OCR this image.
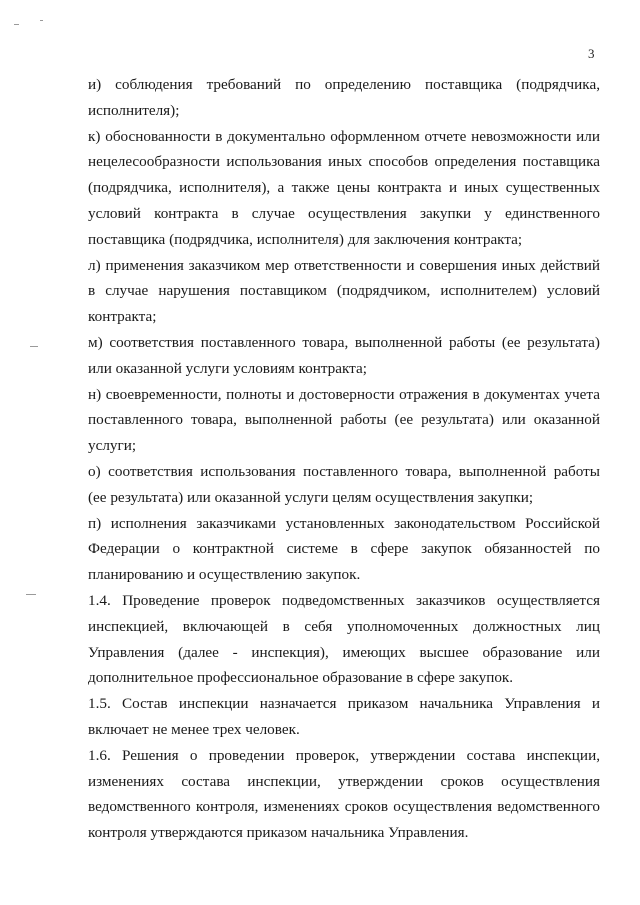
3

и) соблюдения требований по определению поставщика (подрядчика, исполнителя);

к) обоснованности в документально оформленном отчете невозможности или нецелесообразности использования иных способов определения поставщика (подрядчика, исполнителя), а также цены контракта и иных существенных условий контракта в случае осуществления закупки у единственного поставщика (подрядчика, исполнителя) для заключения контракта;

л) применения заказчиком мер ответственности и совершения иных действий в случае нарушения поставщиком (подрядчиком, исполнителем) условий контракта;

м) соответствия поставленного товара, выполненной работы (ее результата) или оказанной услуги условиям контракта;

н) своевременности, полноты и достоверности отражения в документах учета поставленного товара, выполненной работы (ее результата) или оказанной услуги;

о) соответствия использования поставленного товара, выполненной работы (ее результата) или оказанной услуги целям осуществления закупки;

п) исполнения заказчиками установленных законодательством Российской Федерации о контрактной системе в сфере закупок обязанностей по планированию и осуществлению закупок.

1.4. Проведение проверок подведомственных заказчиков осуществляется инспекцией, включающей в себя уполномоченных должностных лиц Управления (далее - инспекция), имеющих высшее образование или дополнительное профессиональное образование в сфере закупок.

1.5. Состав инспекции назначается приказом начальника Управления и включает не менее трех человек.

1.6. Решения о проведении проверок, утверждении состава инспекции, изменениях состава инспекции, утверждении сроков осуществления ведомственного контроля, изменениях сроков осуществления ведомственного контроля утверждаются приказом начальника Управления.
